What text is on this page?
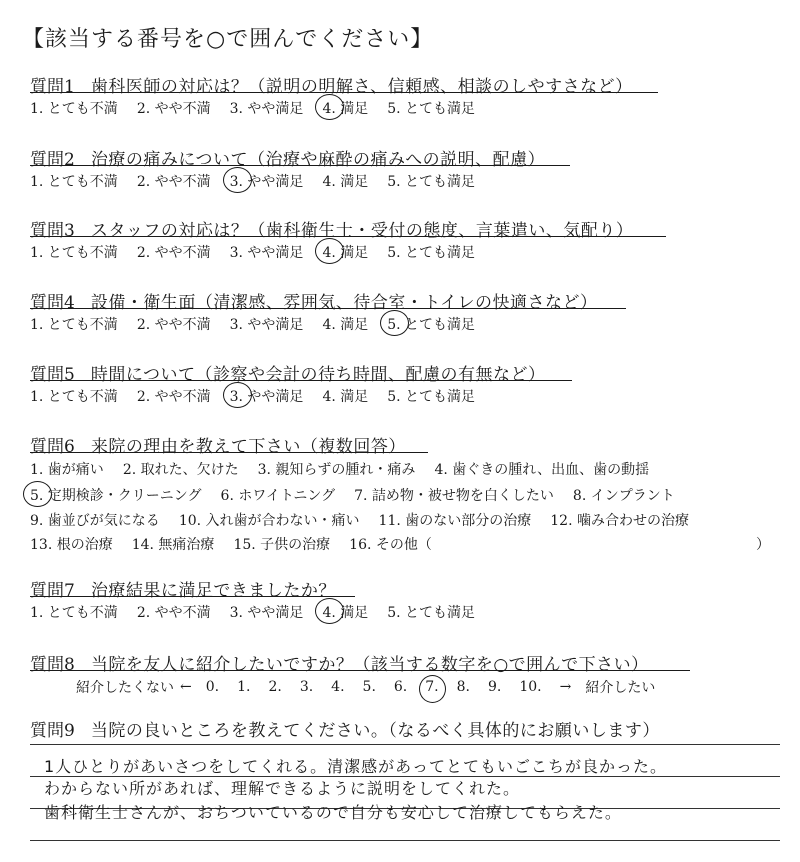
【該当する番号を○で囲んでください】
質問1 歯科医師の対応は？（説明の明解さ、信頼感、相談のしやすさなど）
1. とても不満 2. やや不満 3. やや満足 4. 満足 5. とても満足
質問2 治療の痛みについて（治療や麻酔の痛みへの説明、配慮）
1. とても不満 2. やや不満 3. やや満足 4. 満足 5. とても満足
質問3 スタッフの対応は？（歯科衛生士・受付の態度、言葉遣い、気配り）
1. とても不満 2. やや不満 3. やや満足 4. 満足 5. とても満足
質問4 設備・衛生面（清潔感、雰囲気、待合室・トイレの快適さなど）
1. とても不満 2. やや不満 3. やや満足 4. 満足 5. とても満足
質問5 時間について（診察や会計の待ち時間、配慮の有無など）
1. とても不満 2. やや不満 3. やや満足 4. 満足 5. とても満足
質問6 来院の理由を教えて下さい（複数回答）
1. 歯が痛い 2. 取れた、欠けた 3. 親知らずの腫れ・痛み 4. 歯ぐきの腫れ、出血、歯の動揺
5. 定期検診・クリーニング 6. ホワイトニング 7. 詰め物・被せ物を白くしたい 8. インプラント
9. 歯並びが気になる 10. 入れ歯が合わない・痛い 11. 歯のない部分の治療 12. 噛み合わせの治療
13. 根の治療 14. 無痛治療 15. 子供の治療 16. その他（	）
質問7 治療結果に満足できましたか？
1. とても不満 2. やや不満 3. やや満足 4. 満足 5. とても満足
質問8 当院を友人に紹介したいですか？（該当する数字を○で囲んで下さい）
紹介したくない ← 0. 1. 2. 3. 4. 5. 6. 7. 8. 9. 10. → 紹介したい
質問9 当院の良いところを教えてください。（なるべく具体的にお願いします）
1人ひとりがあいさつをしてくれる。清潔感があってとてもいごこちが良かった。
わからない所があれば、理解できるように説明をしてくれた。
歯科衛生士さんが、おちついているので自分も安心して治療してもらえた。
